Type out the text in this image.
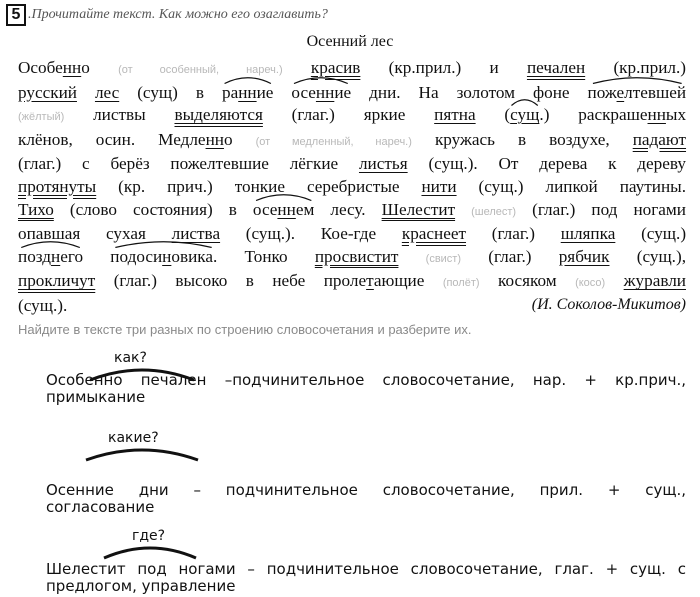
5 .Прочитайте текст. Как можно его озаглавить?
Осенний лес
Особенно	(от особенный, нареч.) красив (кр.прил.) и печален (кр.прил.)
русский лес (сущ) в ранние осенние дни. На золотом фоне пожелтевшей
(жёлтый) листвы выделяются (глаг.) яркие пятна (
сущ.) раскрашенных
клёнов, осин. Медленно (от медленный, нареч.) кружась в воздухе, падают
(глаг.) с берёз пожелтевшие лёгкие листья (сущ.). От дерева к дереву
протянуты (кр. прич.) тонкие серебристые нити (сущ.) липкой паутины.
Тихо (слово состояния) в осеннем лесу. Шелестит (шелест) (глаг.) под ногами
опавшая сухая листва (сущ.). Кое-где краснеет (глаг.) шляпка (сущ.)
позднего подосиновика. Тонко просвистит (свист) (глаг.) рябчик (сущ.),
прокличут (глаг.) высоко в небе пролетающие (полёт) косяком (косо) журавли
(сущ.).	(И. Соколов-Микитов)
Найдите в тексте три разных по строению словосочетания и разберите их.
как?
Особенно печален –подчинительное словосочетание, нар. + кр.прич.,
примыкание
какие?
Осенние дни – подчинительное словосочетание, прил. + сущ.,
согласование
где?
Шелестит под ногами – подчинительное словосочетание, глаг. + сущ. с
предлогом, управление
